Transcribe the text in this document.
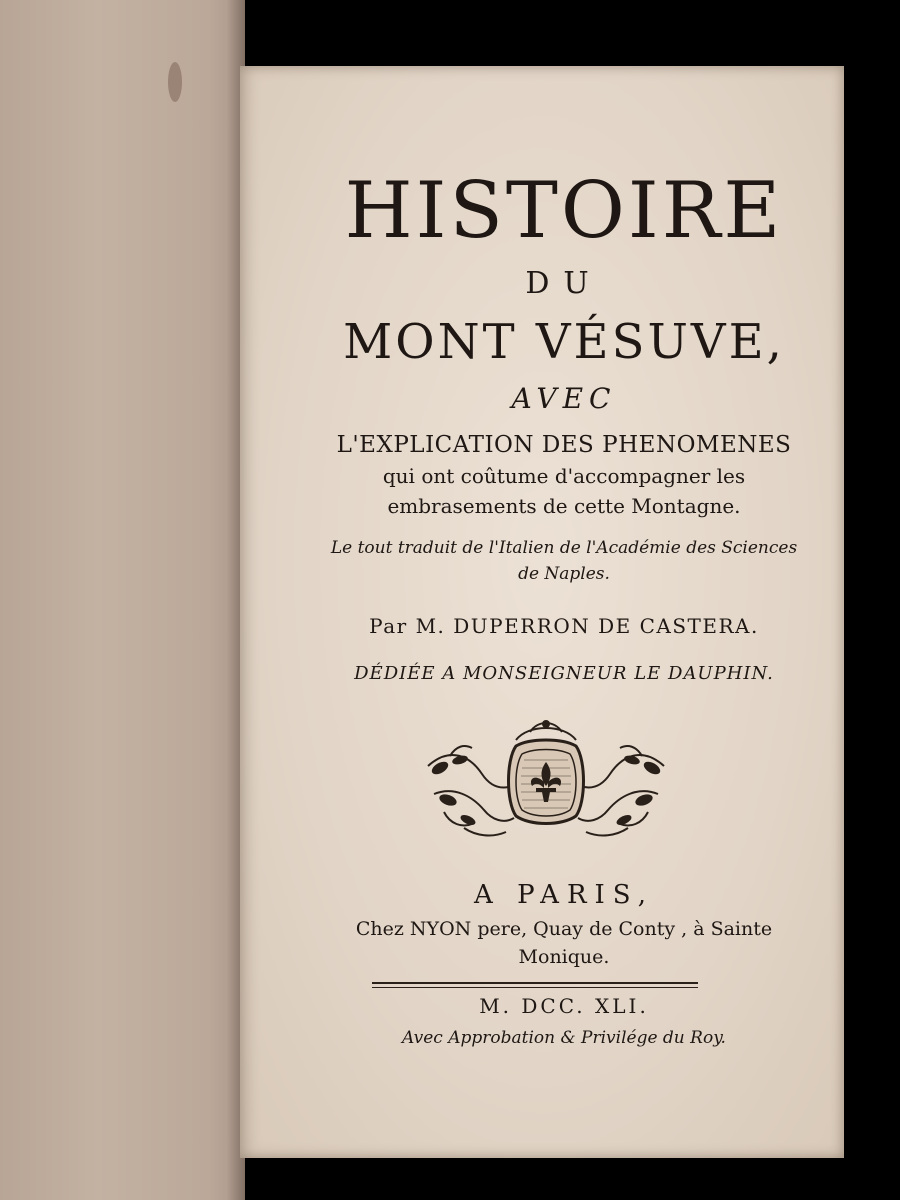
HISTOIRE
DU
MONT VÉSUVE,
AVEC
L'EXPLICATION DES PHENOMENES
qui ont coûtume d'accompagner les
embrasements de cette Montagne.
Le tout traduit de l'Italien de l'Académie des Sciences
de Naples.
Par M. DUPERRON DE CASTERA.
DÉDIÉE A MONSEIGNEUR LE DAUPHIN.
A PARIS,
Chez NYON pere, Quay de Conty , à Sainte
Monique.
M. DCC. XLI.
Avec Approbation & Privilége du Roy.
